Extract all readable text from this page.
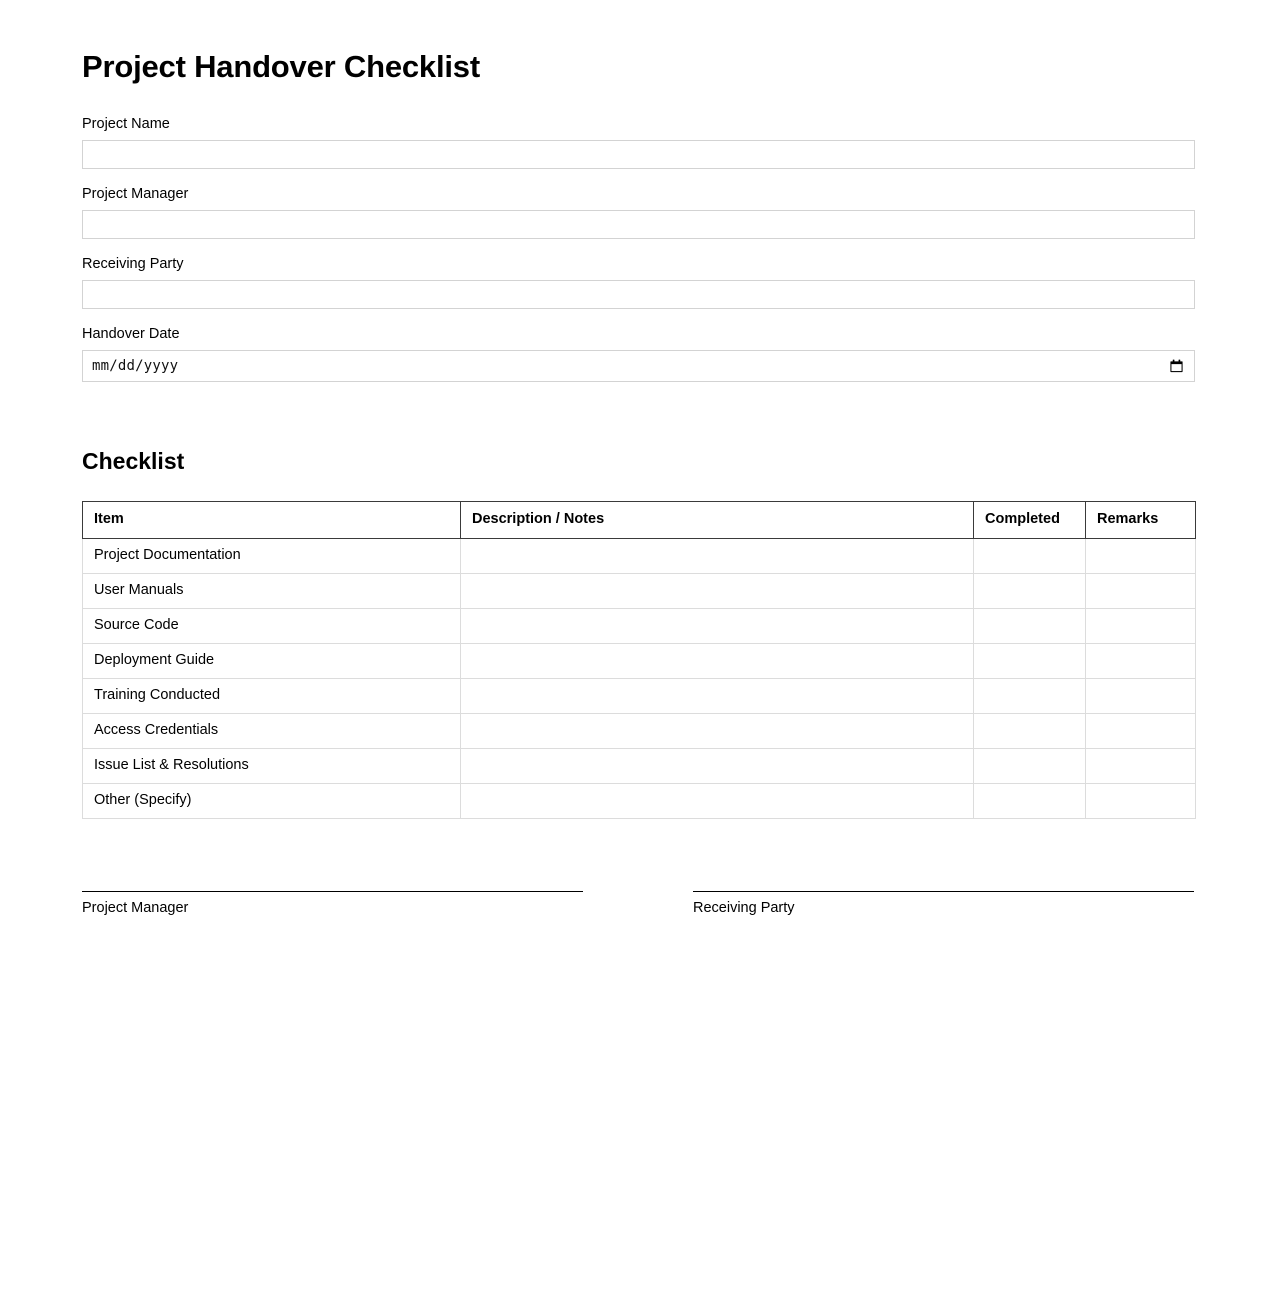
Project Handover Checklist
Project Name
Project Manager
Receiving Party
Handover Date
mm/dd/yyyy
Checklist
Item	Description / Notes	Completed	Remarks
Project Documentation			
User Manuals			
Source Code			
Deployment Guide			
Training Conducted			
Access Credentials			
Issue List & Resolutions			
Other (Specify)			
Project Manager	Receiving Party
